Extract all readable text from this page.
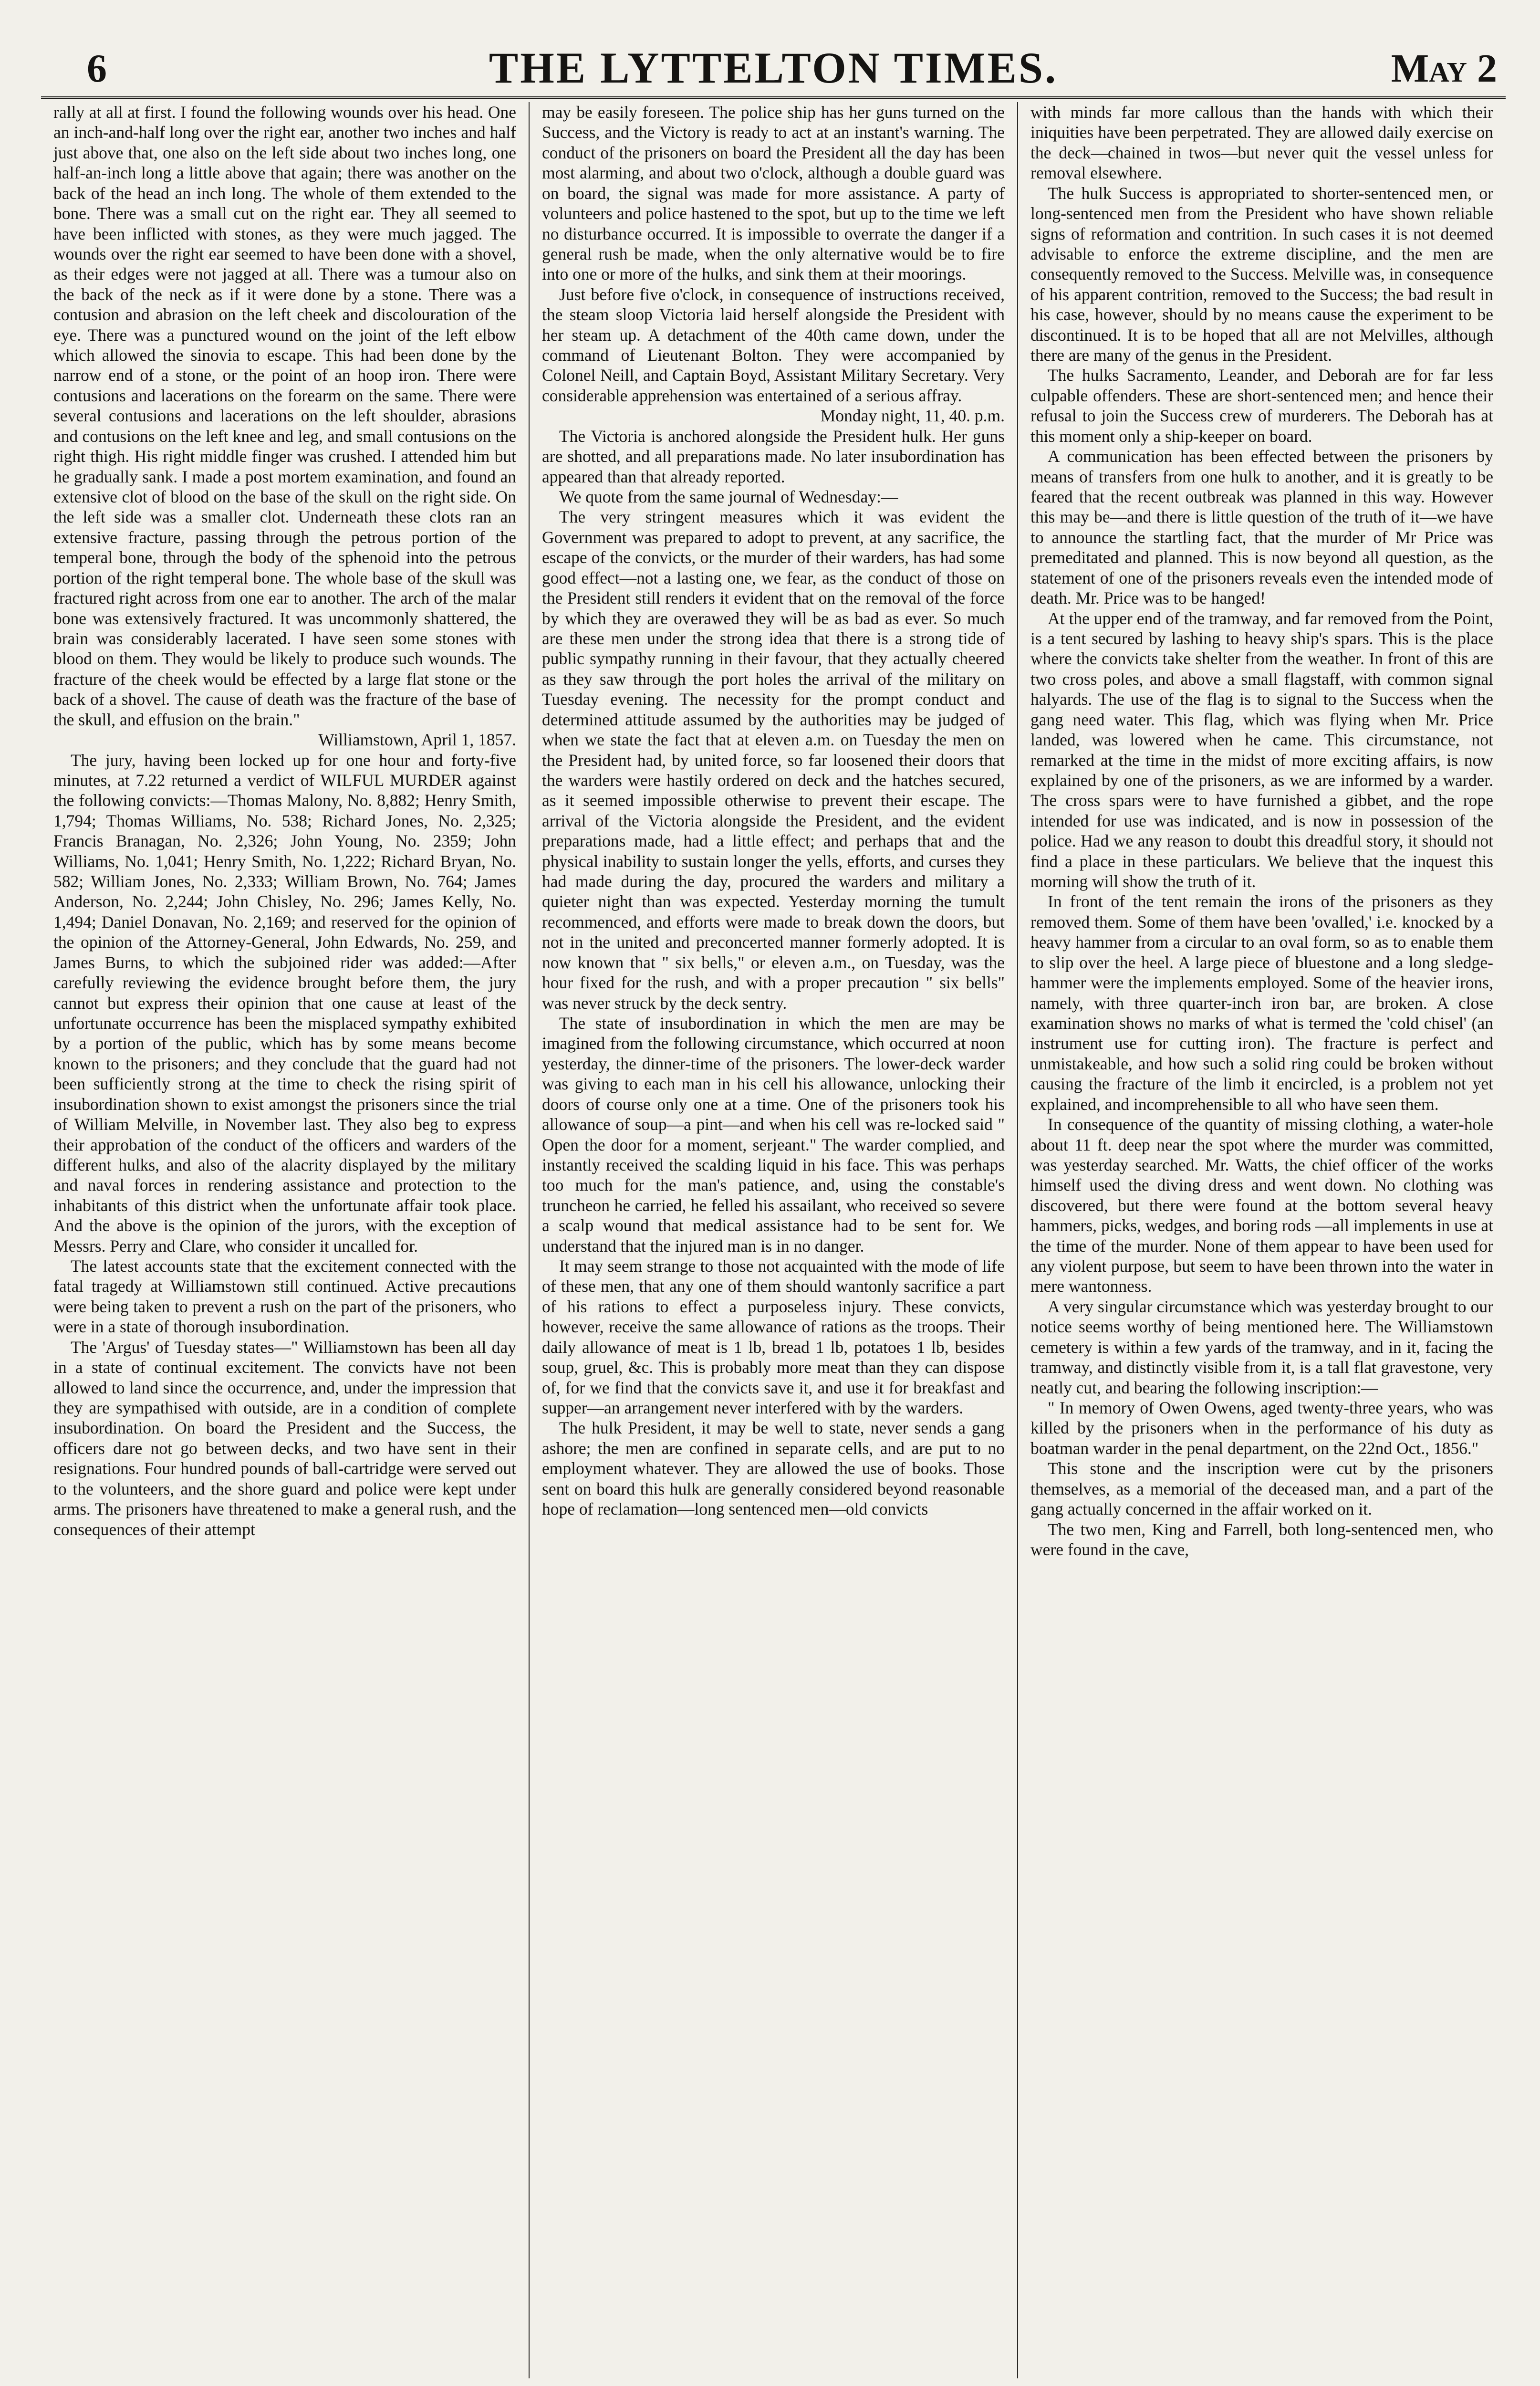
6	THE LYTTELTON TIMES.	May 2

rally at all at first. I found the following wounds over his head. One an inch-and-half long over the right ear, another two inches and half just above that, one also on the left side about two inches long, one half-an-inch long a little above that again; there was another on the back of the head an inch long. The whole of them extended to the bone. There was a small cut on the right ear. They all seemed to have been inflicted with stones, as they were much jagged. The wounds over the right ear seemed to have been done with a shovel, as their edges were not jagged at all. There was a tumour also on the back of the neck as if it were done by a stone. There was a contusion and abrasion on the left cheek and discolouration of the eye. There was a punctured wound on the joint of the left elbow which allowed the sinovia to escape. This had been done by the narrow end of a stone, or the point of an hoop iron. There were contusions and lacerations on the forearm on the same. There were several contusions and lacerations on the left shoulder, abrasions and contusions on the left knee and leg, and small contusions on the right thigh. His right middle finger was crushed. I attended him but he gradually sank. I made a post mortem examination, and found an extensive clot of blood on the base of the skull on the right side. On the left side was a smaller clot. Underneath these clots ran an extensive fracture, passing through the petrous portion of the temperal bone, through the body of the sphenoid into the petrous portion of the right temperal bone. The whole base of the skull was fractured right across from one ear to another. The arch of the malar bone was extensively fractured. It was uncommonly shattered, the brain was considerably lacerated. I have seen some stones with blood on them. They would be likely to produce such wounds. The fracture of the cheek would be effected by a large flat stone or the back of a shovel. The cause of death was the fracture of the base of the skull, and effusion on the brain."

Williamstown, April 1, 1857.

The jury, having been locked up for one hour and forty-five minutes, at 7.22 returned a verdict of WILFUL MURDER against the following convicts:—Thomas Malony, No. 8,882; Henry Smith, 1,794; Thomas Williams, No. 538; Richard Jones, No. 2,325; Francis Branagan, No. 2,326; John Young, No. 2359; John Williams, No. 1,041; Henry Smith, No. 1,222; Richard Bryan, No. 582; William Jones, No. 2,333; William Brown, No. 764; James Anderson, No. 2,244; John Chisley, No. 296; James Kelly, No. 1,494; Daniel Donavan, No. 2,169; and reserved for the opinion of the opinion of the Attorney-General, John Edwards, No. 259, and James Burns, to which the subjoined rider was added:—After carefully reviewing the evidence brought before them, the jury cannot but express their opinion that one cause at least of the unfortunate occurrence has been the misplaced sympathy exhibited by a portion of the public, which has by some means become known to the prisoners; and they conclude that the guard had not been sufficiently strong at the time to check the rising spirit of insubordination shown to exist amongst the prisoners since the trial of William Melville, in November last. They also beg to express their approbation of the conduct of the officers and warders of the different hulks, and also of the alacrity displayed by the military and naval forces in rendering assistance and protection to the inhabitants of this district when the unfortunate affair took place. And the above is the opinion of the jurors, with the exception of Messrs. Perry and Clare, who consider it uncalled for.

The latest accounts state that the excitement connected with the fatal tragedy at Williamstown still continued. Active precautions were being taken to prevent a rush on the part of the prisoners, who were in a state of thorough insubordination.

The 'Argus' of Tuesday states—" Williamstown has been all day in a state of continual excitement. The convicts have not been allowed to land since the occurrence, and, under the impression that they are sympathised with outside, are in a condition of complete insubordination. On board the President and the Success, the officers dare not go between decks, and two have sent in their resignations. Four hundred pounds of ball-cartridge were served out to the volunteers, and the shore guard and police were kept under arms. The prisoners have threatened to make a general rush, and the consequences of their attempt

may be easily foreseen. The police ship has her guns turned on the Success, and the Victory is ready to act at an instant's warning. The conduct of the prisoners on board the President all the day has been most alarming, and about two o'clock, although a double guard was on board, the signal was made for more assistance. A party of volunteers and police hastened to the spot, but up to the time we left no disturbance occurred. It is impossible to overrate the danger if a general rush be made, when the only alternative would be to fire into one or more of the hulks, and sink them at their moorings.

Just before five o'clock, in consequence of instructions received, the steam sloop Victoria laid herself alongside the President with her steam up. A detachment of the 40th came down, under the command of Lieutenant Bolton. They were accompanied by Colonel Neill, and Captain Boyd, Assistant Military Secretary. Very considerable apprehension was entertained of a serious affray.

Monday night, 11, 40. p.m.

The Victoria is anchored alongside the President hulk. Her guns are shotted, and all preparations made. No later insubordination has appeared than that already reported.

We quote from the same journal of Wednesday:—

The very stringent measures which it was evident the Government was prepared to adopt to prevent, at any sacrifice, the escape of the convicts, or the murder of their warders, has had some good effect—not a lasting one, we fear, as the conduct of those on the President still renders it evident that on the removal of the force by which they are overawed they will be as bad as ever. So much are these men under the strong idea that there is a strong tide of public sympathy running in their favour, that they actually cheered as they saw through the port holes the arrival of the military on Tuesday evening. The necessity for the prompt conduct and determined attitude assumed by the authorities may be judged of when we state the fact that at eleven a.m. on Tuesday the men on the President had, by united force, so far loosened their doors that the warders were hastily ordered on deck and the hatches secured, as it seemed impossible otherwise to prevent their escape. The arrival of the Victoria alongside the President, and the evident preparations made, had a little effect; and perhaps that and the physical inability to sustain longer the yells, efforts, and curses they had made during the day, procured the warders and military a quieter night than was expected. Yesterday morning the tumult recommenced, and efforts were made to break down the doors, but not in the united and preconcerted manner formerly adopted. It is now known that " six bells," or eleven a.m., on Tuesday, was the hour fixed for the rush, and with a proper precaution " six bells" was never struck by the deck sentry.

The state of insubordination in which the men are may be imagined from the following circumstance, which occurred at noon yesterday, the dinner-time of the prisoners. The lower-deck warder was giving to each man in his cell his allowance, unlocking their doors of course only one at a time. One of the prisoners took his allowance of soup—a pint—and when his cell was re-locked said " Open the door for a moment, serjeant." The warder complied, and instantly received the scalding liquid in his face. This was perhaps too much for the man's patience, and, using the constable's truncheon he carried, he felled his assailant, who received so severe a scalp wound that medical assistance had to be sent for. We understand that the injured man is in no danger.

It may seem strange to those not acquainted with the mode of life of these men, that any one of them should wantonly sacrifice a part of his rations to effect a purposeless injury. These convicts, however, receive the same allowance of rations as the troops. Their daily allowance of meat is 1 lb, bread 1 lb, potatoes 1 lb, besides soup, gruel, &c. This is probably more meat than they can dispose of, for we find that the convicts save it, and use it for breakfast and supper—an arrangement never interfered with by the warders.

The hulk President, it may be well to state, never sends a gang ashore; the men are confined in separate cells, and are put to no employment whatever. They are allowed the use of books. Those sent on board this hulk are generally considered beyond reasonable hope of reclamation—long sentenced men—old convicts

with minds far more callous than the hands with which their iniquities have been perpetrated. They are allowed daily exercise on the deck—chained in twos—but never quit the vessel unless for removal elsewhere.

The hulk Success is appropriated to shorter-sentenced men, or long-sentenced men from the President who have shown reliable signs of reformation and contrition. In such cases it is not deemed advisable to enforce the extreme discipline, and the men are consequently removed to the Success. Melville was, in consequence of his apparent contrition, removed to the Success; the bad result in his case, however, should by no means cause the experiment to be discontinued. It is to be hoped that all are not Melvilles, although there are many of the genus in the President.

The hulks Sacramento, Leander, and Deborah are for far less culpable offenders. These are short-sentenced men; and hence their refusal to join the Success crew of murderers. The Deborah has at this moment only a ship-keeper on board.

A communication has been effected between the prisoners by means of transfers from one hulk to another, and it is greatly to be feared that the recent outbreak was planned in this way. However this may be—and there is little question of the truth of it—we have to announce the startling fact, that the murder of Mr Price was premeditated and planned. This is now beyond all question, as the statement of one of the prisoners reveals even the intended mode of death. Mr. Price was to be hanged!

At the upper end of the tramway, and far removed from the Point, is a tent secured by lashing to heavy ship's spars. This is the place where the convicts take shelter from the weather. In front of this are two cross poles, and above a small flagstaff, with common signal halyards. The use of the flag is to signal to the Success when the gang need water. This flag, which was flying when Mr. Price landed, was lowered when he came. This circumstance, not remarked at the time in the midst of more exciting affairs, is now explained by one of the prisoners, as we are informed by a warder. The cross spars were to have furnished a gibbet, and the rope intended for use was indicated, and is now in possession of the police. Had we any reason to doubt this dreadful story, it should not find a place in these particulars. We believe that the inquest this morning will show the truth of it.

In front of the tent remain the irons of the prisoners as they removed them. Some of them have been 'ovalled,' i.e. knocked by a heavy hammer from a circular to an oval form, so as to enable them to slip over the heel. A large piece of bluestone and a long sledge-hammer were the implements employed. Some of the heavier irons, namely, with three quarter-inch iron bar, are broken. A close examination shows no marks of what is termed the 'cold chisel' (an instrument use for cutting iron). The fracture is perfect and unmistakeable, and how such a solid ring could be broken without causing the fracture of the limb it encircled, is a problem not yet explained, and incomprehensible to all who have seen them.

In consequence of the quantity of missing clothing, a water-hole about 11 ft. deep near the spot where the murder was committed, was yesterday searched. Mr. Watts, the chief officer of the works himself used the diving dress and went down. No clothing was discovered, but there were found at the bottom several heavy hammers, picks, wedges, and boring rods —all implements in use at the time of the murder. None of them appear to have been used for any violent purpose, but seem to have been thrown into the water in mere wantonness.

A very singular circumstance which was yesterday brought to our notice seems worthy of being mentioned here. The Williamstown cemetery is within a few yards of the tramway, and in it, facing the tramway, and distinctly visible from it, is a tall flat gravestone, very neatly cut, and bearing the following inscription:—

" In memory of Owen Owens, aged twenty-three years, who was killed by the prisoners when in the performance of his duty as boatman warder in the penal department, on the 22nd Oct., 1856."

This stone and the inscription were cut by the prisoners themselves, as a memorial of the deceased man, and a part of the gang actually concerned in the affair worked on it.

The two men, King and Farrell, both long-sentenced men, who were found in the cave,
